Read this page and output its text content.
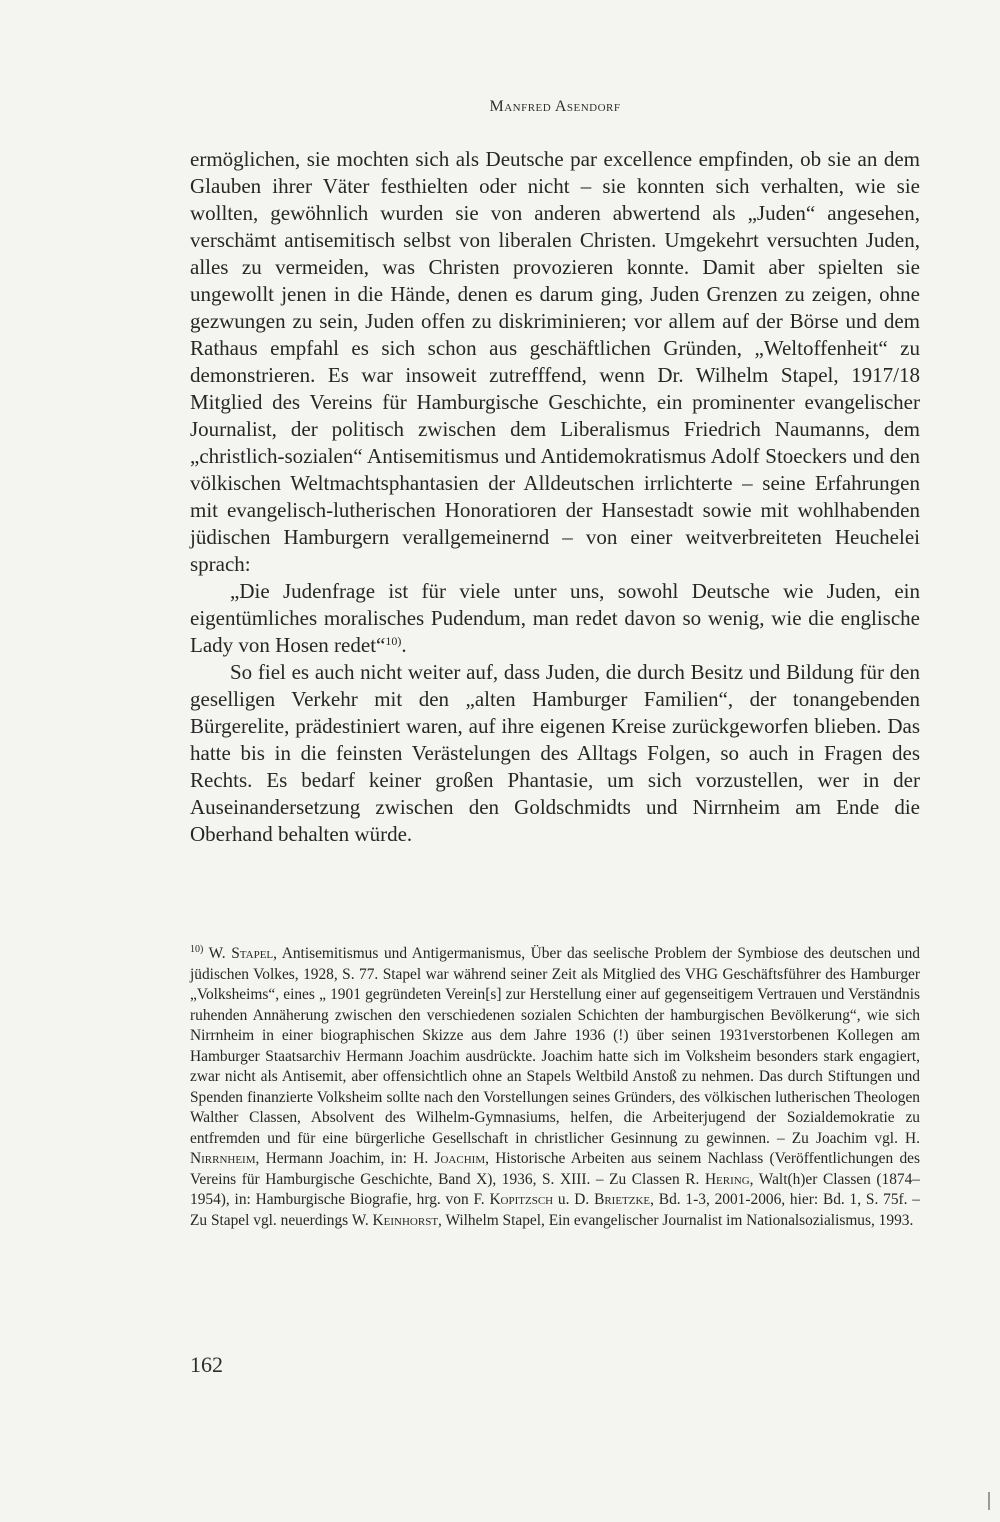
Manfred Asendorf

ermöglichen, sie mochten sich als Deutsche par excellence empfinden, ob sie an dem Glauben ihrer Väter festhielten oder nicht – sie konnten sich verhalten, wie sie wollten, gewöhnlich wurden sie von anderen abwertend als „Juden“ angesehen, verschämt antisemitisch selbst von liberalen Christen. Umgekehrt versuchten Juden, alles zu vermeiden, was Christen provozieren konnte. Damit aber spielten sie ungewollt jenen in die Hände, denen es darum ging, Juden Grenzen zu zeigen, ohne gezwungen zu sein, Juden offen zu diskriminieren; vor allem auf der Börse und dem Rathaus empfahl es sich schon aus geschäftlichen Gründen, „Weltoffenheit“ zu demonstrieren. Es war insoweit zutrefffend, wenn Dr. Wilhelm Stapel, 1917/18 Mitglied des Vereins für Hamburgische Geschichte, ein prominenter evangelischer Journalist, der politisch zwischen dem Liberalismus Friedrich Naumanns, dem „christlich-sozialen“ Antisemitismus und Antidemokratismus Adolf Stoeckers und den völkischen Weltmachtsphantasien der Alldeutschen irrlichterte – seine Erfahrungen mit evangelisch-lutherischen Honoratioren der Hansestadt sowie mit wohlhabenden jüdischen Hamburgern verallgemeinernd – von einer weitverbreiteten Heuchelei sprach:

„Die Judenfrage ist für viele unter uns, sowohl Deutsche wie Juden, ein eigentümliches moralisches Pudendum, man redet davon so wenig, wie die englische Lady von Hosen redet“$^{10)}$.

So fiel es auch nicht weiter auf, dass Juden, die durch Besitz und Bildung für den geselligen Verkehr mit den „alten Hamburger Familien“, der tonangebenden Bürgerelite, prädestiniert waren, auf ihre eigenen Kreise zurückgeworfen blieben. Das hatte bis in die feinsten Verästelungen des Alltags Folgen, so auch in Fragen des Rechts. Es bedarf keiner großen Phantasie, um sich vorzustellen, wer in der Auseinandersetzung zwischen den Goldschmidts und Nirrnheim am Ende die Oberhand behalten würde.

$^{10)}$ W. Stapel, Antisemitismus und Antigermanismus, Über das seelische Problem der Symbiose des deutschen und jüdischen Volkes, 1928, S. 77. Stapel war während seiner Zeit als Mitglied des VHG Geschäftsführer des Hamburger „Volksheims“, eines „ 1901 gegründeten Verein[s] zur Herstellung einer auf gegenseitigem Vertrauen und Verständnis ruhenden Annäherung zwischen den verschiedenen sozialen Schichten der hamburgischen Bevölkerung“, wie sich Nirrnheim in einer biographischen Skizze aus dem Jahre 1936 (!) über seinen 1931verstorbenen Kollegen am Hamburger Staatsarchiv Hermann Joachim ausdrückte. Joachim hatte sich im Volksheim besonders stark engagiert, zwar nicht als Antisemit, aber offensichtlich ohne an Stapels Weltbild Anstoß zu nehmen. Das durch Stiftungen und Spenden finanzierte Volksheim sollte nach den Vorstellungen seines Gründers, des völkischen lutherischen Theologen Walther Classen, Absolvent des Wilhelm-Gymnasiums, helfen, die Arbeiterjugend der Sozialdemokratie zu entfremden und für eine bürgerliche Gesellschaft in christlicher Gesinnung zu gewinnen. – Zu Joachim vgl. H. Nirrnheim, Hermann Joachim, in: H. Joachim, Historische Arbeiten aus seinem Nachlass (Veröffentlichungen des Vereins für Hamburgische Geschichte, Band X), 1936, S. XIII. – Zu Classen R. Hering, Walt(h)er Classen (1874–1954), in: Hamburgische Biografie, hrg. von F. Kopitzsch u. D. Brietzke, Bd. 1-3, 2001-2006, hier: Bd. 1, S. 75f. – Zu Stapel vgl. neuerdings W. Keinhorst, Wilhelm Stapel, Ein evangelischer Journalist im Nationalsozialismus, 1993.
162
